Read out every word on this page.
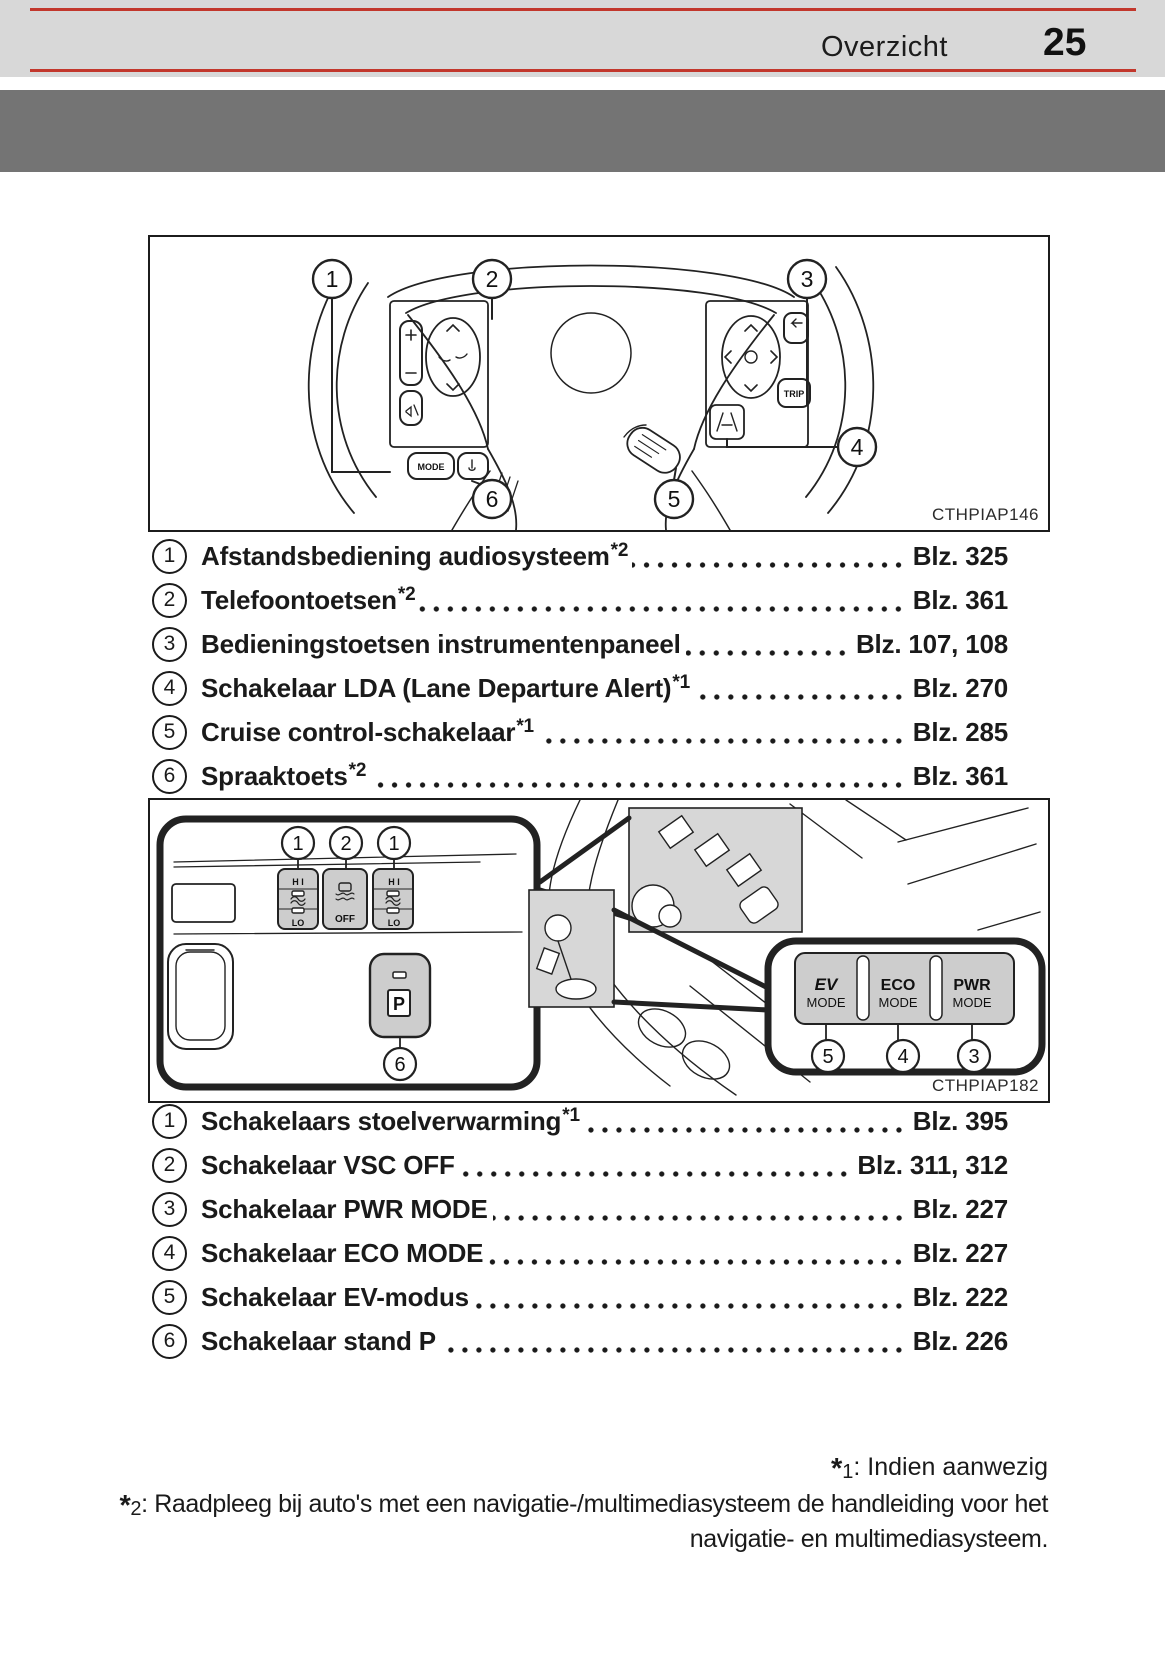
Overzicht 25
1	2	3
4
5
6
MODE
TRIP
CTHPIAP146
1 Afstandsbediening audiosysteem$^{*2}$	Blz. 325
2 Telefoontoetsen$^{*2}$	Blz. 361
3 Bedieningstoetsen instrumentenpaneel	Blz. 107, 108
4 Schakelaar LDA (Lane Departure Alert)$^{*1}$	Blz. 270
5 Cruise control-schakelaar$^{*1}$	Blz. 285
6 Spraaktoets$^{*2}$	Blz. 361
1 2 1
6	5	4	3
H I
LO
H I
LO
OFF
P
EV
MODE
ECO
MODE
PWR
MODE
CTHPIAP182
1 Schakelaars stoelverwarming$^{*1}$	Blz. 395
2 Schakelaar VSC OFF	Blz. 311, 312
3 Schakelaar PWR MODE	Blz. 227
4 Schakelaar ECO MODE	Blz. 227
5 Schakelaar EV-modus	Blz. 222
6 Schakelaar stand P	Blz. 226
*1: Indien aanwezig
*2: Raadpleeg bij auto's met een navigatie-/multimediasysteem de handleiding voor het
navigatie- en multimediasysteem.
